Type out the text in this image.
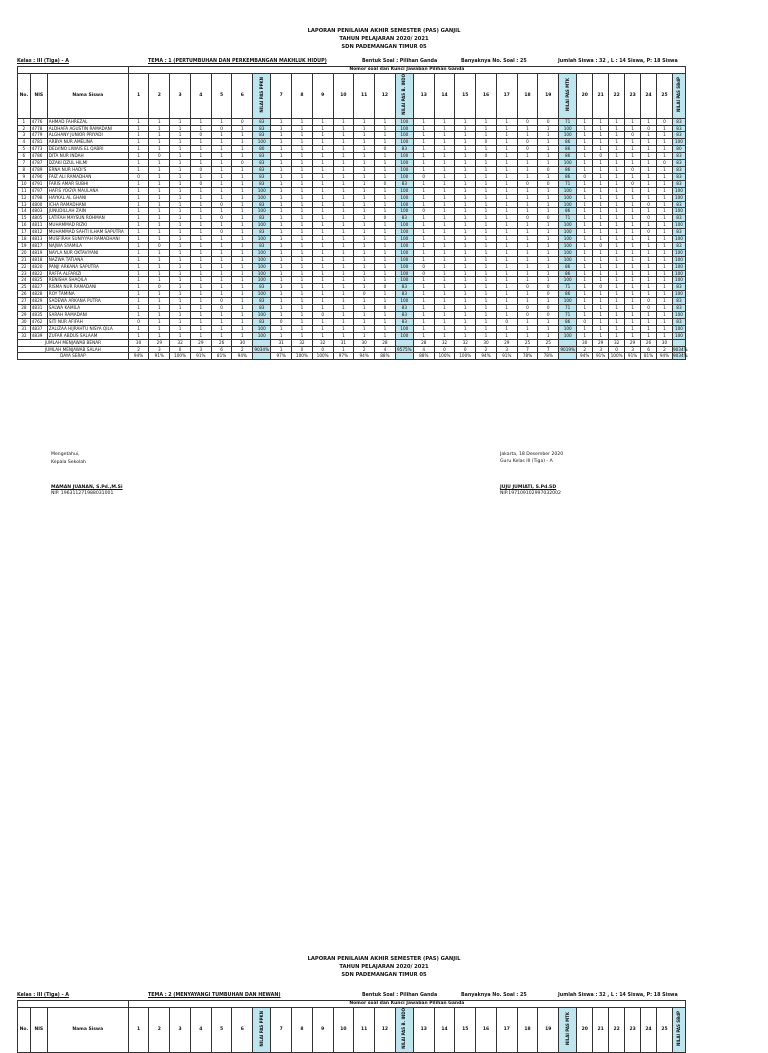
LAPORAN PENILAIAN AKHIR SEMESTER (PAS) GANJIL
TAHUN PELAJARAN 2020/ 2021
SDN PADEMANGAN TIMUR 05
Kelas : III (Tiga) - A	TEMA : 1 (PERTUMBUHAN DAN PERKEMBANGAN MAKHLUK HIDUP)	Bentuk Soal : Pilihan Ganda	Banyaknya No. Soal : 25	Jumlah Siswa : 32 , L : 14 Siswa, P: 18 Siswa
			Nomor soal dan Kunci Jawaban Pilihan Ganda																												
No.	NIS	Nama Siswa	1	2	3	4	5	6	NILAI PAS PPKN	7	8	9	10	11	12	NILAI PAS B. INDO	13	14	15	16	17	18	19	NILAI PAS MTK	20	21	22	23	24	25	NILAI PAS SBdP
1	4776	AHMAD FAHREZAL	1	1	1	1	1	0	83	1	1	1	1	1	1	100	1	1	1	1	1	0	0	71	1	1	1	1	1	0	83
2	4778	ALDHAFA AGUSTIN RAMADANI	1	1	1	1	0	1	83	1	1	1	1	1	1	100	1	1	1	1	1	1	1	100	1	1	1	1	0	1	83
3	4779	ALGHANY JUNIOR PRIYADI	1	1	1	0	1	1	83	1	1	1	1	1	1	100	1	1	1	1	1	1	1	100	1	1	1	0	1	1	83
4	4781	ARBYA NUR AMELINA	1	1	1	1	1	1	100	1	1	1	1	1	1	100	1	1	1	0	1	0	1	86	1	1	1	1	1	1	100
5	4773	DELVINO LIWAIS EL QABRI	1	1	1	1	1	1	80	1	1	1	1	1	0	83	1	1	1	1	1	0	1	86	1	1	1	1	1	1	80
6	4786	DITA NUR INDAH	1	0	1	1	1	1	83	1	1	1	1	1	1	100	1	1	1	0	1	1	1	86	1	0	1	1	1	1	83
7	4787	DZAKI DZUL HILMI	1	1	1	1	1	0	83	1	1	1	1	1	1	100	1	1	1	1	1	1	1	100	1	1	1	1	1	0	83
8	4789	ERNA NUR HADI'S	1	1	1	0	1	1	83	1	1	1	1	1	1	100	1	1	1	1	1	1	0	86	1	1	1	0	1	1	83
9	4790	FAIZ ALI RAMADHAN	0	1	1	1	1	1	83	1	1	1	1	1	1	100	0	1	1	1	1	1	1	86	0	1	1	1	1	1	83
10	4791	FARIS AMAR SUBHI	1	1	1	0	1	1	83	1	1	1	1	1	0	83	1	1	1	1	1	0	0	71	1	1	1	0	1	1	83
11	4797	HAFIS YOGYA MAULANA	1	1	1	1	1	1	100	1	1	1	1	1	1	100	1	1	1	1	1	1	1	100	1	1	1	1	1	1	100
12	4798	HAYKAL AL GHANI	1	1	1	1	1	1	100	1	1	1	1	1	1	100	1	1	1	1	1	1	1	100	1	1	1	1	1	1	100
13	4800	ICHA RAMADHANI	1	1	1	1	0	1	83	1	1	1	1	1	1	100	1	1	1	1	1	1	1	100	1	1	1	1	0	1	83
14	4803	JUNUDILLAH ZAIN	1	1	1	1	1	1	100	1	1	1	1	1	1	100	0	1	1	1	1	1	1	86	1	1	1	1	1	1	100
15	4805	LATIFAH MAYSUN ROHMAN	1	1	1	1	0	1	83	1	1	1	1	1	0	83	1	1	1	1	1	0	0	71	1	1	1	1	0	1	83
16	4811	MUHAMMAD RIZKI	1	1	1	1	1	1	100	1	1	1	1	1	1	100	1	1	1	1	1	1	1	100	1	1	1	1	1	1	100
17	4812	MUHAMMAD SAHTI ILHAM SAPUTRA	1	1	1	1	0	1	83	1	1	1	1	1	1	100	1	1	1	1	1	1	1	100	1	1	1	1	0	1	83
18	4813	MUSFIRAH SUNIYYAH RAMADHANI	1	1	1	1	1	1	100	1	1	1	1	1	1	100	1	1	1	1	1	1	1	100	1	1	1	1	1	1	100
19	4817	NAJWA SYAMILA	1	0	1	1	1	1	83	1	1	1	1	1	1	100	1	1	1	1	1	1	1	100	1	0	1	1	1	1	83
20	4819	NAYLA NUR OKTAVIYANI	1	1	1	1	1	1	100	1	1	1	1	1	1	100	1	1	1	1	1	1	1	100	1	1	1	1	1	1	100
21	4818	NAZWA TATIANA	1	1	1	1	1	1	100	1	1	1	1	1	1	100	1	1	1	1	1	1	1	100	1	1	1	1	1	1	100
22	4820	PANJI ARKANA SAPUTRA	1	1	1	1	1	1	100	1	1	1	1	1	1	100	0	1	1	1	1	1	1	86	1	1	1	1	1	1	100
23	4822	RAFFA ALFARIZI	1	1	1	1	1	1	100	1	1	1	1	1	1	100	0	1	1	1	1	1	1	86	1	1	1	1	1	1	100
24	4825	RENISHA SHAQILA	1	1	1	1	1	1	100	1	1	1	1	1	1	100	1	1	1	1	1	1	1	100	1	1	1	1	1	1	100
25	4827	RISMA NUR RAMADANI	1	0	1	1	1	1	83	1	1	1	1	1	0	83	1	1	1	1	1	0	0	71	1	0	1	1	1	1	83
26	4828	ROY TAMINA	1	1	1	1	1	1	100	1	1	1	1	0	1	83	1	1	1	1	1	1	0	86	1	1	1	1	1	1	100
27	4829	SADEWA ARKANA PUTRA	1	1	1	1	0	1	83	1	1	1	1	1	1	100	1	1	1	1	1	1	1	100	1	1	1	1	0	1	83
28	4831	SALWA KAMILA	1	1	1	1	0	1	83	1	1	1	1	1	0	83	1	1	1	1	1	0	0	71	1	1	1	1	0	1	83
29	4835	SARAH RAMADANI	1	1	1	1	1	1	100	1	1	0	1	1	1	83	1	1	1	1	1	0	0	71	1	1	1	1	1	1	100
30	4762	SITI NUR AFIFAH	0	1	1	1	1	1	83	0	1	1	1	1	1	83	1	1	1	1	0	1	1	86	0	1	1	1	1	1	83
31	4837	ZALIZAA HIJRAHTU NISYA QILA	1	1	1	1	1	1	100	1	1	1	1	1	1	100	1	1	1	1	1	1	1	100	1	1	1	1	1	1	100
32	4839	ZUFAR ABDUS SALAAM	1	1	1	1	1	1	100	1	1	1	1	1	1	100	1	1	1	1	1	1	1	100	1	1	1	1	1	1	100
JUMLAH MENJAWAB BENAR			30	29	32	29	26	30		31	32	32	31	30	28		28	32	32	30	29	25	25		30	29	32	29	26	30	
JUMLAH MENJAWAB SALAH			2	3	0	3	6	2	9034%	1	0	0	1	2	4	9575%	4	0	0	2	3	7	7	9019%	2	3	0	3	6	2	9034%
DAYA SERAP			94%	91%	100%	91%	81%	94%		97%	100%	100%	97%	94%	88%		88%	100%	100%	94%	91%	78%	78%		94%	91%	100%	91%	81%	94%	9034%
Mengetahui,
Kepala Sekolah
MAMAN JUANAN, S.Pd.,M.Si
NIP. 196311271988031001
Jakarta, 18 Desember 2020
Guru Kelas III (Tiga) - A
JUJU JUMIATI, S.Pd.SD
NIP.197109102997032002
LAPORAN PENILAIAN AKHIR SEMESTER (PAS) GANJIL
TAHUN PELAJARAN 2020/ 2021
SDN PADEMANGAN TIMUR 05
Kelas : III (Tiga) - A	TEMA : 2 (MENYAYANGI TUMBUHAN DAN HEWAN)	Bentuk Soal : Pilihan Ganda	Banyaknya No. Soal : 25	Jumlah Siswa : 32 , L : 14 Siswa, P: 18 Siswa
			Nomor soal dan Kunci Jawaban Pilihan Ganda																												
No.	NIS	Nama Siswa	1	2	3	4	5	6	NILAI PAS PPKN	7	8	9	10	11	12	NILAI PAS B. INDO	13	14	15	16	17	18	19	NILAI PAS MTK	20	21	22	23	24	25	NILAI PAS SBdP
